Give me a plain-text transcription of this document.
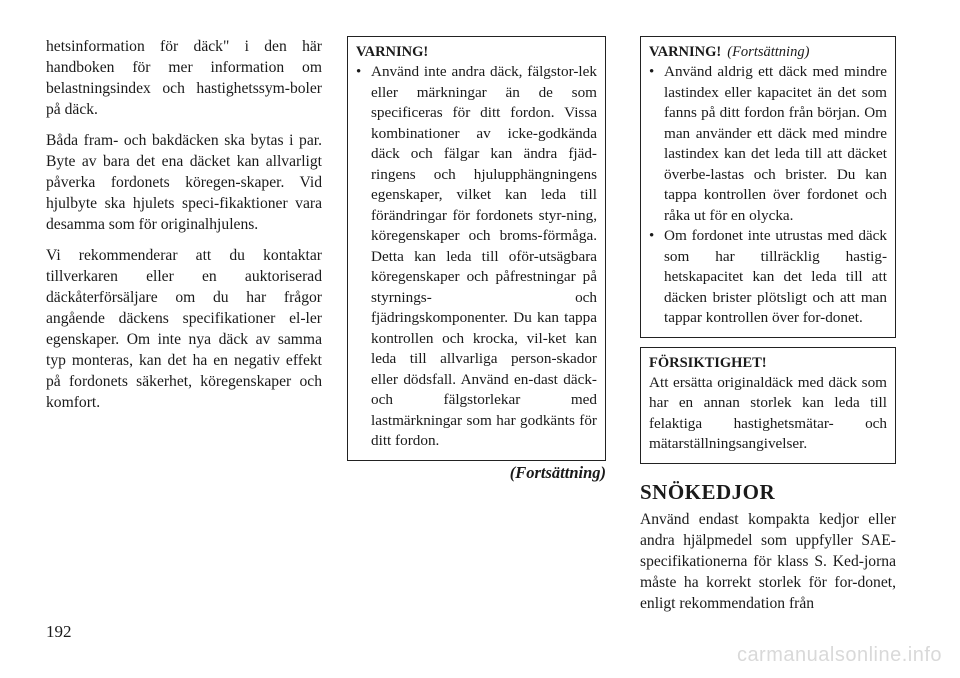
hetsinformation för däck" i den här handboken för mer information om belastningsindex och hastighetssym-boler på däck.

Båda fram- och bakdäcken ska bytas i par. Byte av bara det ena däcket kan allvarligt påverka fordonets köregen-skaper. Vid hjulbyte ska hjulets speci-fikaktioner vara desamma som för originalhjulens.

Vi rekommenderar att du kontaktar tillverkaren eller en auktoriserad däckåterförsäljare om du har frågor angående däckens specifikationer el-ler egenskaper. Om inte nya däck av samma typ monteras, kan det ha en negativ effekt på fordonets säkerhet, köregenskaper och komfort.

VARNING!
• Använd inte andra däck, fälgstor-lek eller märkningar än de som specificeras för ditt fordon. Vissa kombinationer av icke-godkända däck och fälgar kan ändra fjäd-ringens och hjulupphängningens egenskaper, vilket kan leda till förändringar för fordonets styr-ning, köregenskaper och broms-förmåga. Detta kan leda till oför-utsägbara köregenskaper och påfrestningar på styrnings- och fjädringskomponenter. Du kan tappa kontrollen och krocka, vil-ket kan leda till allvarliga person-skador eller dödsfall. Använd en-dast däck- och fälgstorlekar med lastmärkningar som har godkänts för ditt fordon.
(Fortsättning)
VARNING! (Fortsättning)
• Använd aldrig ett däck med mindre lastindex eller kapacitet än det som fanns på ditt fordon från början. Om man använder ett däck med mindre lastindex kan det leda till att däcket överbe-lastas och brister. Du kan tappa kontrollen över fordonet och råka ut för en olycka.
• Om fordonet inte utrustas med däck som har tillräcklig hastig-hetskapacitet kan det leda till att däcken brister plötsligt och att man tappar kontrollen över for-donet.
FÖRSIKTIGHET!

Att ersätta originaldäck med däck som har en annan storlek kan leda till felaktiga hastighetsmätar- och mätarställningsangivelser.

SNÖKEDJOR

Använd endast kompakta kedjor eller andra hjälpmedel som uppfyller SAE-specifikationerna för klass S. Ked-jorna måste ha korrekt storlek för for-donet, enligt rekommendation från

192
carmanualsonline.info
